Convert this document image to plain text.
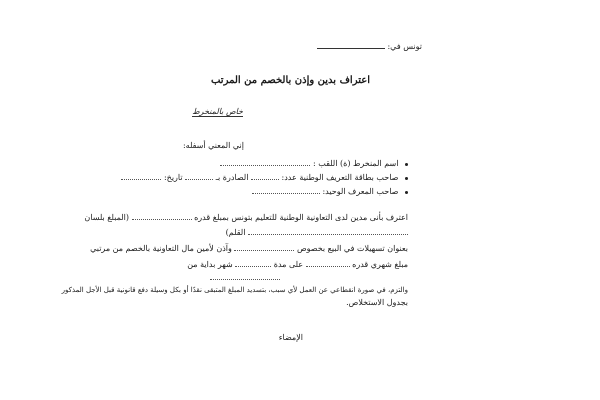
تونس في:
اعتراف بدين وإذن بالخصم من المرتب
خاص بالمنخرط
إني المعني أسفله:
اسم المنخرط (ة) اللقب :
صاحب بطاقة التعريف الوطنية عدد:  الصادرة بـ  تاريخ:
صاحب المعرف الوحيد:
اعترف بأنى مدين لدى التعاونية الوطنية للتعليم بتونس بمبلغ قدره  (المبلغ بلسان
القلم)
بعنوان تسهيلات في البيع بخصوص  وآذن لأمين مال التعاونية بالخصم من مرتبي
مبلغ شهري قدره  على مدة  شهر بداية من
والتزم، في صورة انقطاعي عن العمل لأي سبب، بتسديد المبلغ المتبقى نقدًا أو بكل وسيلة دفع قانونية قبل الأجل المذكور
بجدول الاستخلاص.
الإمضاء
